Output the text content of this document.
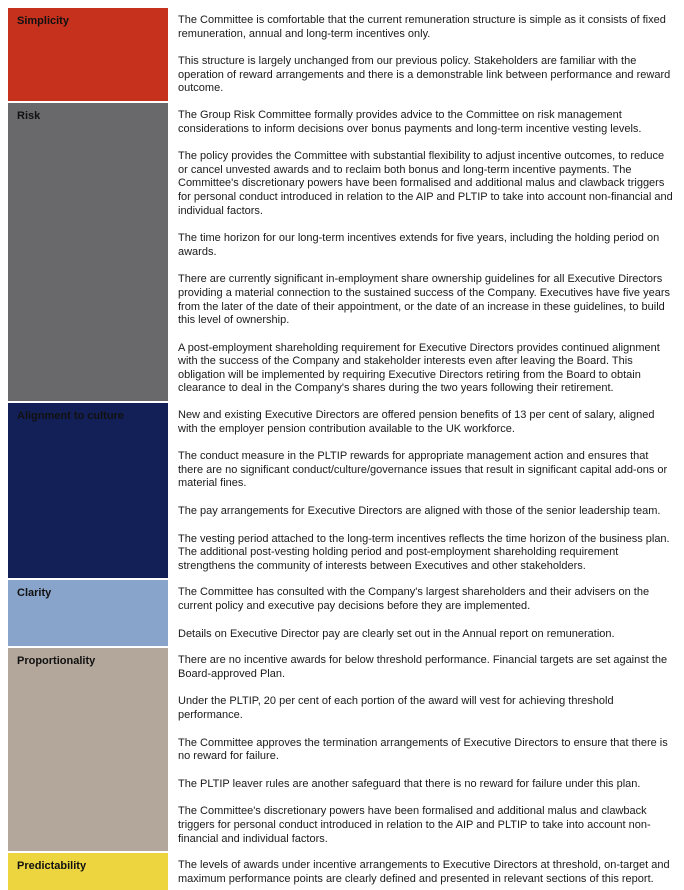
Simplicity	The Committee is comfortable that the current remuneration structure is simple as it consists of fixed remuneration, annual and long-term incentives only.

This structure is largely unchanged from our previous policy. Stakeholders are familiar with the operation of reward arrangements and there is a demonstrable link between performance and reward outcome.

Risk	The Group Risk Committee formally provides advice to the Committee on risk management considerations to inform decisions over bonus payments and long-term incentive vesting levels.

The policy provides the Committee with substantial flexibility to adjust incentive outcomes, to reduce or cancel unvested awards and to reclaim both bonus and long-term incentive payments. The Committee's discretionary powers have been formalised and additional malus and clawback triggers for personal conduct introduced in relation to the AIP and PLTIP to take into account non-financial and individual factors.

The time horizon for our long-term incentives extends for five years, including the holding period on awards.

There are currently significant in-employment share ownership guidelines for all Executive Directors providing a material connection to the sustained success of the Company. Executives have five years from the later of the date of their appointment, or the date of an increase in these guidelines, to build this level of ownership.

A post-employment shareholding requirement for Executive Directors provides continued alignment with the success of the Company and stakeholder interests even after leaving the Board. This obligation will be implemented by requiring Executive Directors retiring from the Board to obtain clearance to deal in the Company's shares during the two years following their retirement.

Alignment to culture	New and existing Executive Directors are offered pension benefits of 13 per cent of salary, aligned with the employer pension contribution available to the UK workforce.

The conduct measure in the PLTIP rewards for appropriate management action and ensures that there are no significant conduct/culture/governance issues that result in significant capital add-ons or material fines.

The pay arrangements for Executive Directors are aligned with those of the senior leadership team.

The vesting period attached to the long-term incentives reflects the time horizon of the business plan. The additional post-vesting holding period and post-employment shareholding requirement strengthens the community of interests between Executives and other stakeholders.

Clarity	The Committee has consulted with the Company's largest shareholders and their advisers on the current policy and executive pay decisions before they are implemented.

Details on Executive Director pay are clearly set out in the Annual report on remuneration.

Proportionality	There are no incentive awards for below threshold performance. Financial targets are set against the Board-approved Plan.

Under the PLTIP, 20 per cent of each portion of the award will vest for achieving threshold performance.

The Committee approves the termination arrangements of Executive Directors to ensure that there is no reward for failure.

The PLTIP leaver rules are another safeguard that there is no reward for failure under this plan.

The Committee's discretionary powers have been formalised and additional malus and clawback triggers for personal conduct introduced in relation to the AIP and PLTIP to take into account non-financial and individual factors.

Predictability	The levels of awards under incentive arrangements to Executive Directors at threshold, on-target and maximum performance points are clearly defined and presented in relevant sections of this report.
